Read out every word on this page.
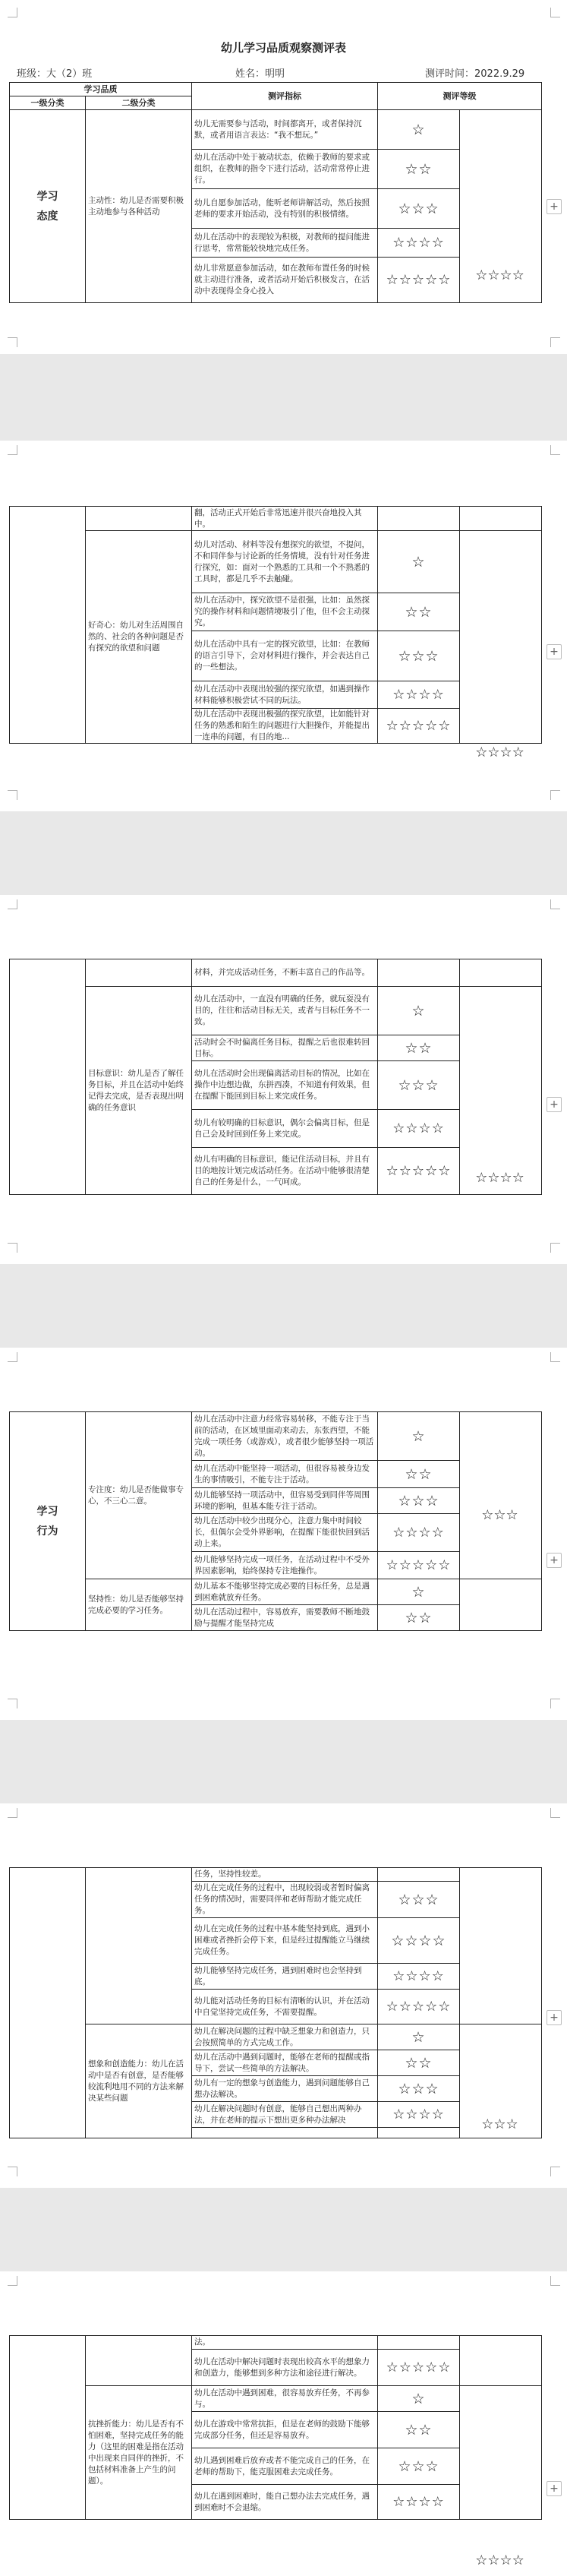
幼儿学习品质观察测评表
班级：大（2）班	姓名：明明	测评时间：2022.9.29
学习品质		测评指标	测评等级	
一级分类	二级分类			
学习态度	主动性：幼儿是否需要积极主动地参与各种活动	幼儿无需要参与活动，时间都离开，或者保持沉默，或者用语言表达：“我不想玩。”	☆	
		幼儿在活动中处于被动状态，依赖于教师的要求或组织，在教师的指令下进行活动，活动常常停止进行。	☆☆	
		幼儿自愿参加活动，能听老师讲解活动，然后按照老师的要求开始活动，没有特别的积极情绪。	☆☆☆	
		幼儿在活动中的表现较为积极，对教师的提问能进行思考，常常能较快地完成任务。	☆☆☆☆	
		幼儿非常愿意参加活动，如在教师布置任务的时候就主动进行准备，或者活动开始后积极发言，在活动中表现得全身心投入	☆☆☆☆☆		☆☆☆☆
+
		翻，活动正式开始后非常迅速并很兴奋地投入其中。		
	好奇心：幼儿对生活周围自然的、社会的各种问题是否有探究的欲望和问题	幼儿对活动、材料等没有想探究的欲望，不提问，不和同伴参与讨论新的任务情境，没有针对任务进行探究，如：面对一个熟悉的工具和一个不熟悉的工具时，都是几乎不去触碰。	☆	
		幼儿在活动中，探究欲望不是很强，比如：虽然探究的操作材料和问题情境吸引了他，但不会主动探究。	☆☆	
		幼儿在活动中具有一定的探究欲望，比如：在教师的语言引导下，会对材料进行操作，并会表达自己的一些想法。	☆☆☆	
		幼儿在活动中表现出较强的探究欲望，如遇到操作材料能够积极尝试不同的玩法。	☆☆☆☆	
		幼儿在活动中表现出极强的探究欲望，比如能针对任务的熟悉和陌生的问题进行大胆操作，并能提出一连串的问题，有目的地...	☆☆☆☆☆	
☆☆☆☆
+
		材料，并完成活动任务，不断丰富自己的作品等。		
	目标意识：幼儿是否了解任务目标，并且在活动中始终记得去完成，是否表现出明确的任务意识	幼儿在活动中，一直没有明确的任务，就玩耍没有目的，往往和活动目标无关，或者与目标任务不一致。	☆	
		活动时会不时偏离任务目标，提醒之后也很难转回目标。	☆☆	
		幼儿在活动时会出现偏离活动目标的情况，比如在操作中边想边做，东拼西凑，不知道有何效果，但在提醒下能回到目标上来完成任务。	☆☆☆	
		幼儿有较明确的目标意识，偶尔会偏离目标，但是自己会及时回到任务上来完成。	☆☆☆☆	
		幼儿有明确的目标意识，能记住活动目标，并且有目的地按计划完成活动任务。在活动中能够很清楚自己的任务是什么，一气呵成。	☆☆☆☆☆		☆☆☆☆
+
学习行为	专注度：幼儿是否能做事专心，不三心二意。	幼儿在活动中注意力经常容易转移，不能专注于当前的活动，在区域里面动来动去，东张西望，不能完成一项任务（或游戏），或者很少能够坚持一项活动。	☆	
		幼儿在活动中能坚持一项活动，但很容易被身边发生的事情吸引，不能专注于活动。	☆☆	
		幼儿能够坚持一项活动中，但容易受到同伴等周围环境的影响，但基本能专注于活动。	☆☆☆	
		幼儿在活动中较少出现分心，注意力集中时间较长，但偶尔会受外界影响，在提醒下能很快回到活动上来。	☆☆☆☆	
		幼儿能够坚持完成一项任务，在活动过程中不受外界因素影响，始终保持专注地操作。	☆☆☆☆☆	
	坚持性：幼儿是否能够坚持完成必要的学习任务。	幼儿基本不能够坚持完成必要的目标任务，总是遇到困难就放弃任务。	☆	
		幼儿在活动过程中，容易放弃，需要教师不断地鼓励与提醒才能坚持完成	☆☆	
☆☆☆
+
		任务，坚持性较差。		
		幼儿在完成任务的过程中，出现较弱或者暂时偏离任务的情况时，需要同伴和老师帮助才能完成任务。	☆☆☆	
		幼儿在完成任务的过程中基本能坚持到底，遇到小困难或者挫折会停下来，但是经过提醒能立马继续完成任务。	☆☆☆☆	
		幼儿能够坚持完成任务，遇到困难时也会坚持到底。	☆☆☆☆	
		幼儿能对活动任务的目标有清晰的认识，并在活动中自觉坚持完成任务，不需要提醒。	☆☆☆☆☆	
	想象和创造能力：幼儿在活动中是否有创意，是否能够较流利地用不同的方法来解决某些问题	幼儿在解决问题的过程中缺乏想象力和创造力，只会按照简单的方式完成工作。	☆	
		幼儿在活动中遇到问题时，能够在老师的提醒或指导下，尝试一些简单的方法解决。	☆☆	
		幼儿有一定的想象与创造能力，遇到问题能够自己想办法解决。	☆☆☆	
		幼儿在解决问题时有创意，能够自己想出两种办法，并在老师的提示下想出更多种办法解决	☆☆☆☆	

☆☆☆
+
		法。		
		幼儿在活动中解决问题时表现出较高水平的想象力和创造力，能够想到多种方法和途径进行解决。	☆☆☆☆☆	
	抗挫折能力：幼儿是否有不怕困难，坚持完成任务的能力（这里的困难是指在活动中出现来自同伴的挫折，不包括材料准备上产生的问题）。	幼儿在活动中遇到困难，很容易放弃任务，不再参与。	☆	
		幼儿在游戏中常常抗拒，但是在老师的鼓励下能够完成部分任务，但还是容易放弃。	☆☆	
		幼儿遇到困难后放弃或者不能完成自己的任务，在老师的帮助下，能克服困难去完成任务。	☆☆☆	
		幼儿在遇到困难时，能自己想办法去完成任务，遇到困难时不会退缩。	☆☆☆☆	
☆☆☆☆
+
